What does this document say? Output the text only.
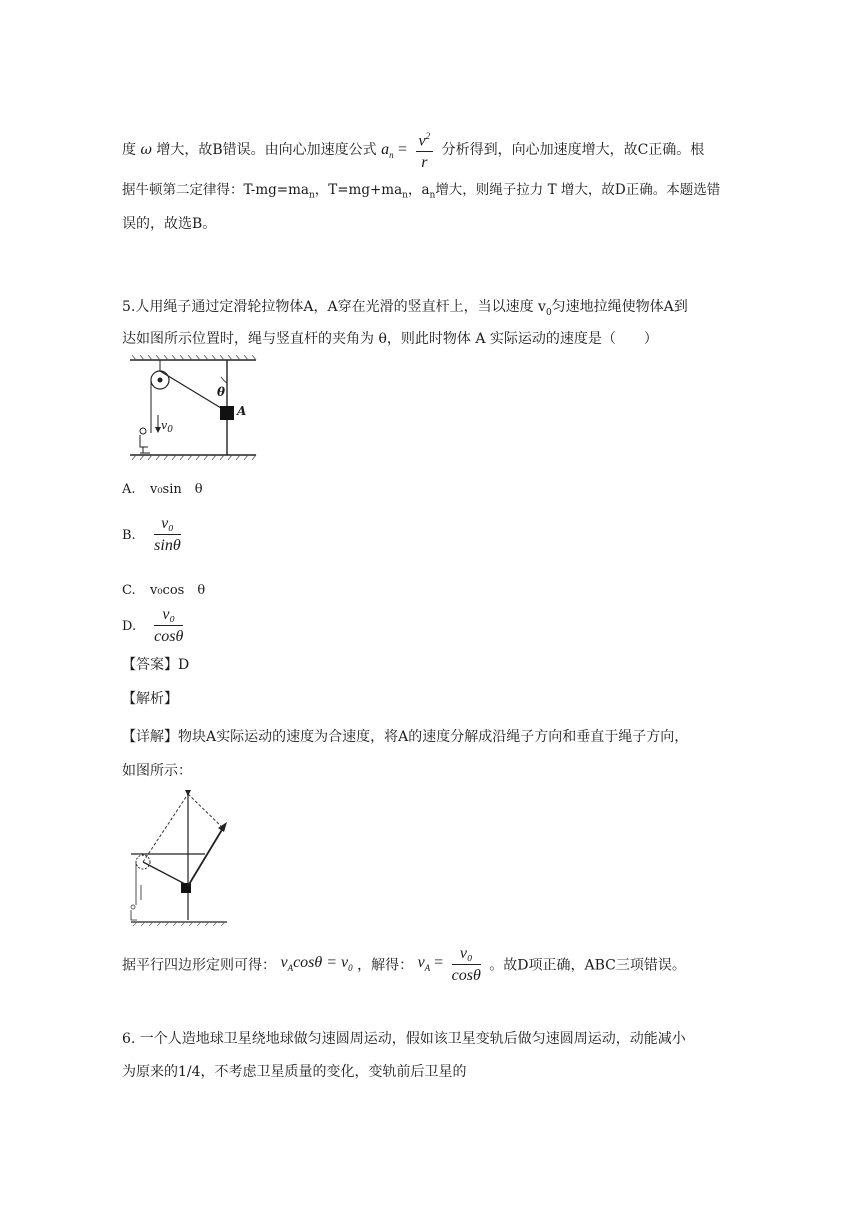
度 ω 增大，故B错误。由向心加速度公式 $a_n = \frac{v^2}{r}$ 分析得到，向心加速度增大，故C正确。根
据牛顿第二定律得：$T-mg=ma_n$，$T=mg+ma_n$，$a_n$增大，则绳子拉力 T 增大，故D正确。本题选错
误的，故选B。
5.人用绳子通过定滑轮拉物体A，A穿在光滑的竖直杆上，当以速度 $v_0$匀速地拉绳使物体A到
达如图所示位置时，绳与竖直杆的夹角为 θ，则此时物体 A 实际运动的速度是（　　）
θ
A
$v_0$
A. v₀sin　θ
B. $\frac{\text{v₀}}{\sin\theta}$
C. v₀cos　θ
D. $\frac{\text{v₀}}{\cos\theta}$
【答案】D
【解析】
【详解】物块A实际运动的速度为合速度，将A的速度分解成沿绳子方向和垂直于绳子方向，
如图所示：
据平行四边形定则可得： $v_A\cos\theta = v_0$ ，解得： $v_A = \frac{\text{v₀}}{\cos\theta}$ 。故D项正确，ABC三项错误。
6. 一个人造地球卫星绕地球做匀速圆周运动，假如该卫星变轨后做匀速圆周运动，动能减小
为原来的1/4，不考虑卫星质量的变化，变轨前后卫星的
